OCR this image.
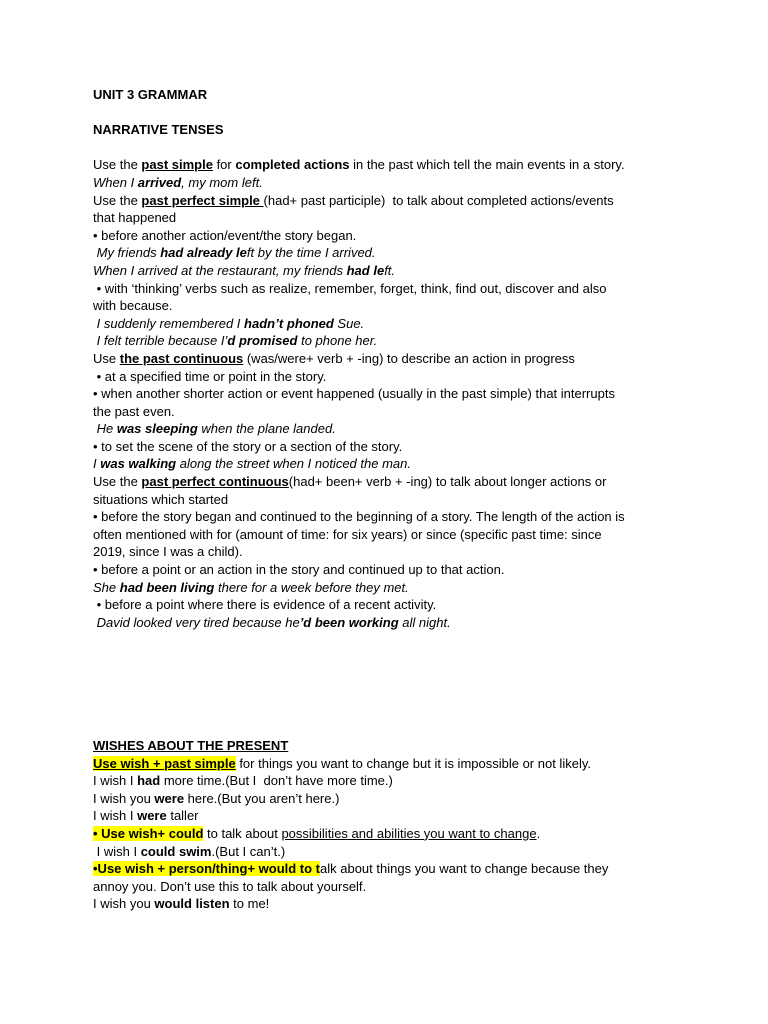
UNIT 3 GRAMMAR
NARRATIVE TENSES
Use the past simple for completed actions in the past which tell the main events in a story.
When I arrived, my mom left.
Use the past perfect simple (had+ past participle)  to talk about completed actions/events
that happened
• before another action/event/the story began.
My friends had already left by the time I arrived.
When I arrived at the restaurant, my friends had left.
• with ‘thinking’ verbs such as realize, remember, forget, think, find out, discover and also
with because.
I suddenly remembered I hadn’t phoned Sue.
I felt terrible because I’d promised to phone her.
Use the past continuous (was/were+ verb + -ing) to describe an action in progress
• at a specified time or point in the story.
• when another shorter action or event happened (usually in the past simple) that interrupts
the past even.
He was sleeping when the plane landed.
• to set the scene of the story or a section of the story.
I was walking along the street when I noticed the man.
Use the past perfect continuous(had+ been+ verb + -ing) to talk about longer actions or
situations which started
• before the story began and continued to the beginning of a story. The length of the action is
often mentioned with for (amount of time: for six years) or since (specific past time: since
2019, since I was a child).
• before a point or an action in the story and continued up to that action.
She had been living there for a week before they met.
• before a point where there is evidence of a recent activity.
David looked very tired because he’d been working all night.
WISHES ABOUT THE PRESENT
Use wish + past simple for things you want to change but it is impossible or not likely.
I wish I had more time.(But I  don’t have more time.)
I wish you were here.(But you aren’t here.)
I wish I were taller
• Use wish+ could to talk about possibilities and abilities you want to change.
I wish I could swim.(But I can’t.)
•Use wish + person/thing+ would to talk about things you want to change because they
annoy you. Don’t use this to talk about yourself.
I wish you would listen to me!
